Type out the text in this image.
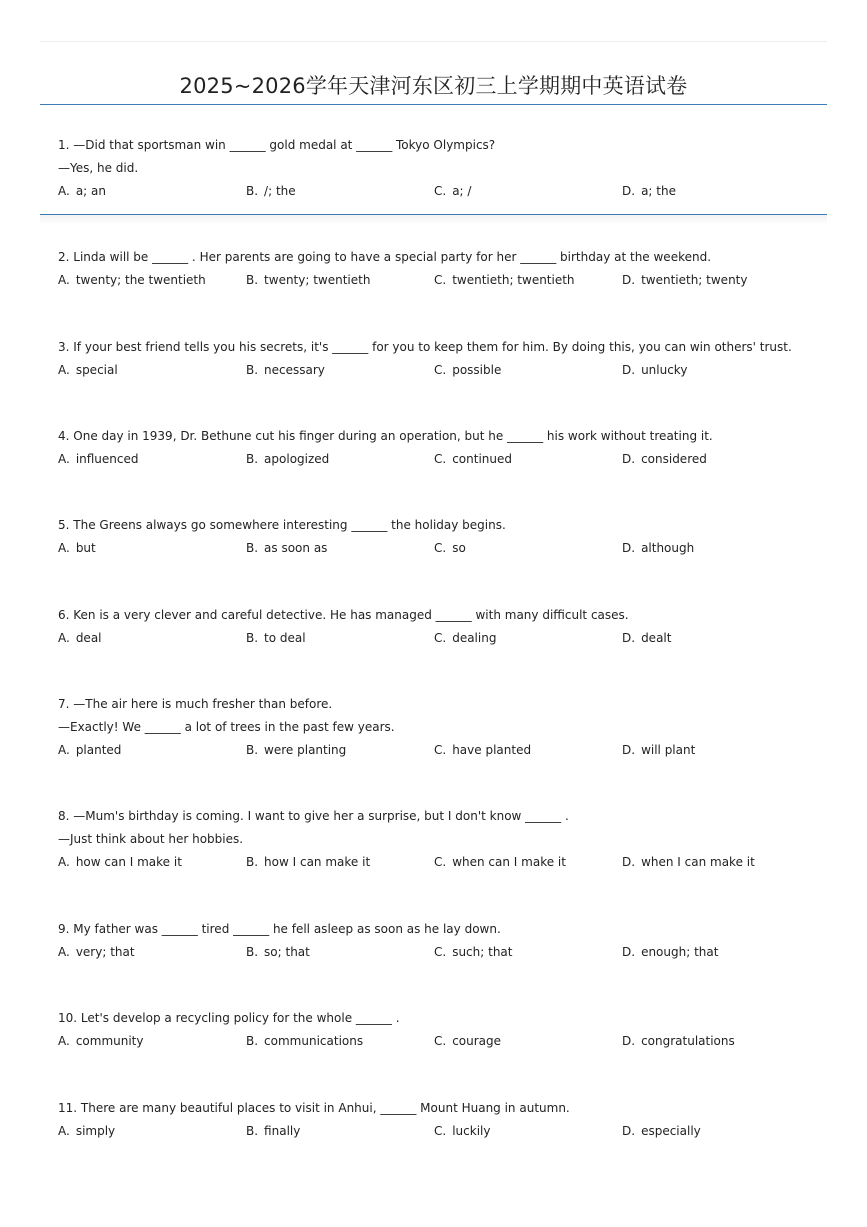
2025~2026学年天津河东区初三上学期期中英语试卷
1. —Did that sportsman win ______ gold medal at ______ Tokyo Olympics?
—Yes, he did.
A. a; an	B. /; the	C. a; /	D. a; the
2. Linda will be ______ . Her parents are going to have a special party for her ______ birthday at the weekend.
A. twenty; the twentieth	B. twenty; twentieth	C. twentieth; twentieth	D. twentieth; twenty
3. If your best friend tells you his secrets, it's ______ for you to keep them for him. By doing this, you can win others' trust.
A. special	B. necessary	C. possible	D. unlucky
4. One day in 1939, Dr. Bethune cut his finger during an operation, but he ______ his work without treating it.
A. influenced	B. apologized	C. continued	D. considered
5. The Greens always go somewhere interesting ______ the holiday begins.
A. but	B. as soon as	C. so	D. although
6. Ken is a very clever and careful detective. He has managed ______ with many difficult cases.
A. deal	B. to deal	C. dealing	D. dealt
7. —The air here is much fresher than before.
—Exactly! We ______ a lot of trees in the past few years.
A. planted	B. were planting	C. have planted	D. will plant
8. —Mum's birthday is coming. I want to give her a surprise, but I don't know ______ .
—Just think about her hobbies.
A. how can I make it	B. how I can make it	C. when can I make it	D. when I can make it
9. My father was ______ tired ______ he fell asleep as soon as he lay down.
A. very; that	B. so; that	C. such; that	D. enough; that
10. Let's develop a recycling policy for the whole ______ .
A. community	B. communications	C. courage	D. congratulations
11. There are many beautiful places to visit in Anhui, ______ Mount Huang in autumn.
A. simply	B. finally	C. luckily	D. especially
